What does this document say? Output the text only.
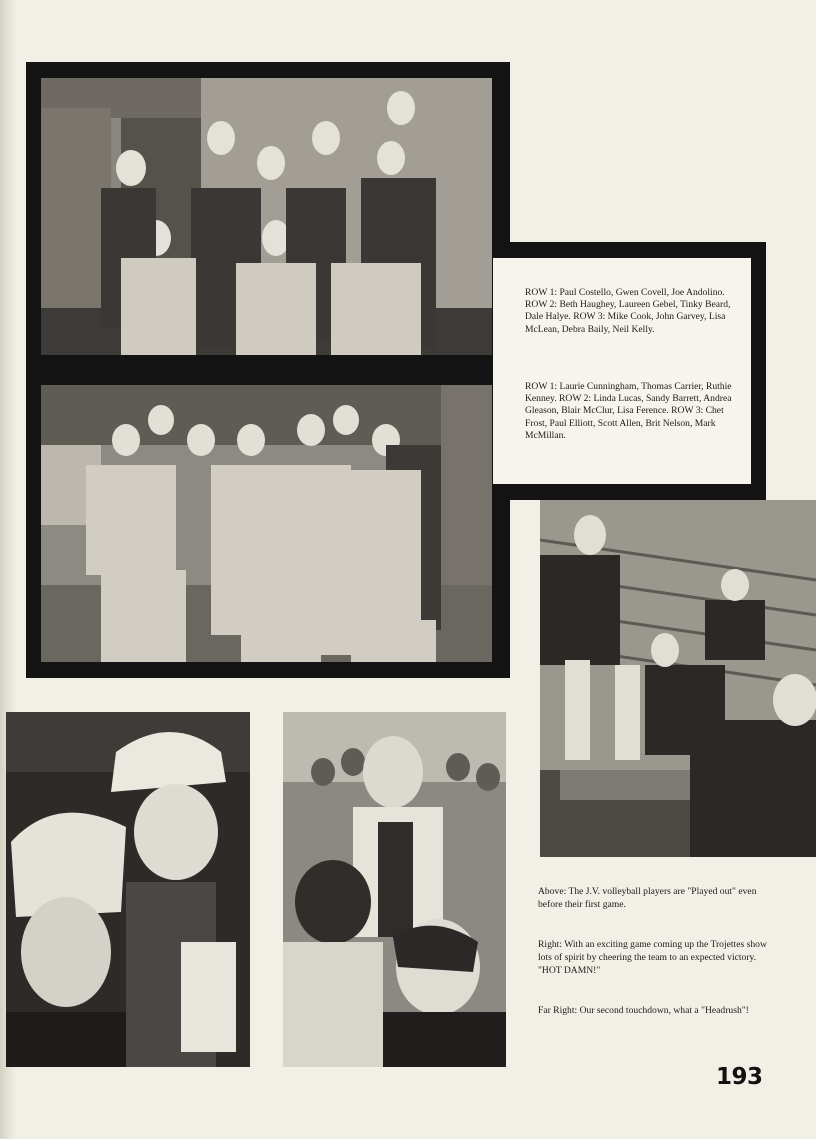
ROW 1: Paul Costello, Gwen Covell, Joe Andolino. ROW 2: Beth Haughey, Laureen Gebel, Tinky Beard, Dale Halye. ROW 3: Mike Cook, John Garvey, Lisa McLean, Debra Baily, Neil Kelly.

ROW 1: Laurie Cunningham, Thomas Carrier, Ruthie Kenney. ROW 2: Linda Lucas, Sandy Barrett, Andrea Gleason, Blair McClur, Lisa Ference. ROW 3: Chet Frost, Paul Elliott, Scott Allen, Brit Nelson, Mark McMillan.

Above: The J.V. volleyball players are "Played out" even before their first game.

Right: With an exciting game coming up the Trojettes show lots of spirit by cheering the team to an expected victory. "HOT DAMN!"

Far Right: Our second touchdown, what a "Headrush"!

193
